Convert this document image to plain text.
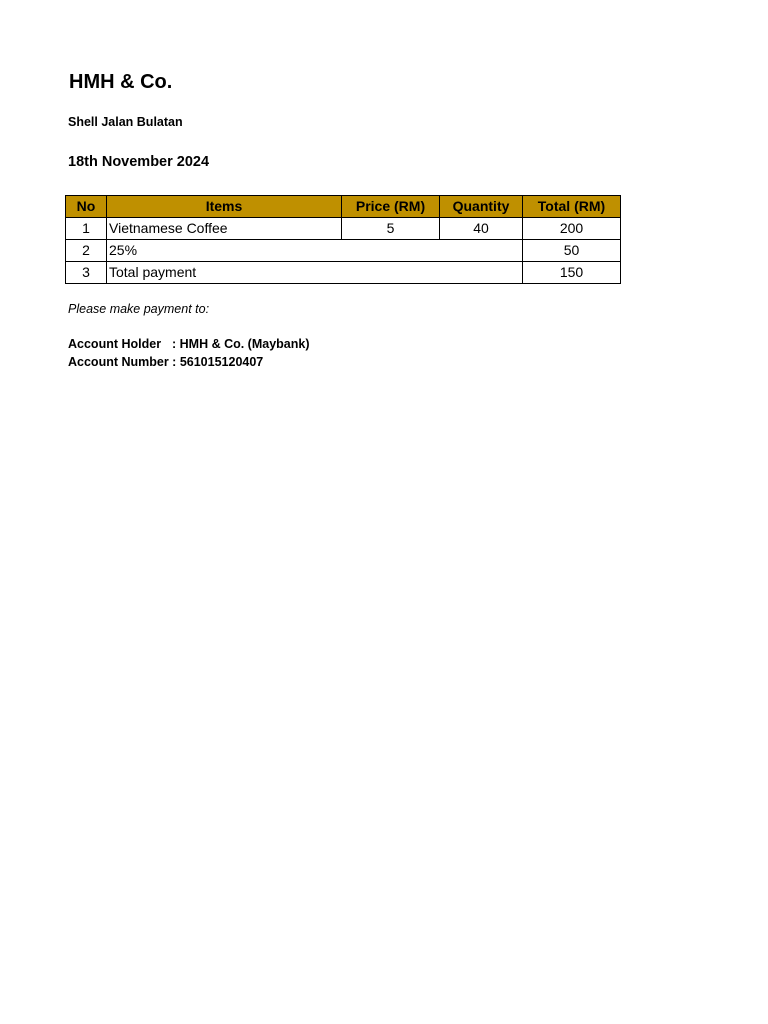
HMH & Co.
Shell Jalan Bulatan
18th November 2024
No	Items	Price (RM)	Quantity	Total (RM)
1	Vietnamese Coffee	5	40	200
2	25%			50
3	Total payment			150
Please make payment to:
Account Holder : HMH & Co. (Maybank)
Account Number : 561015120407
